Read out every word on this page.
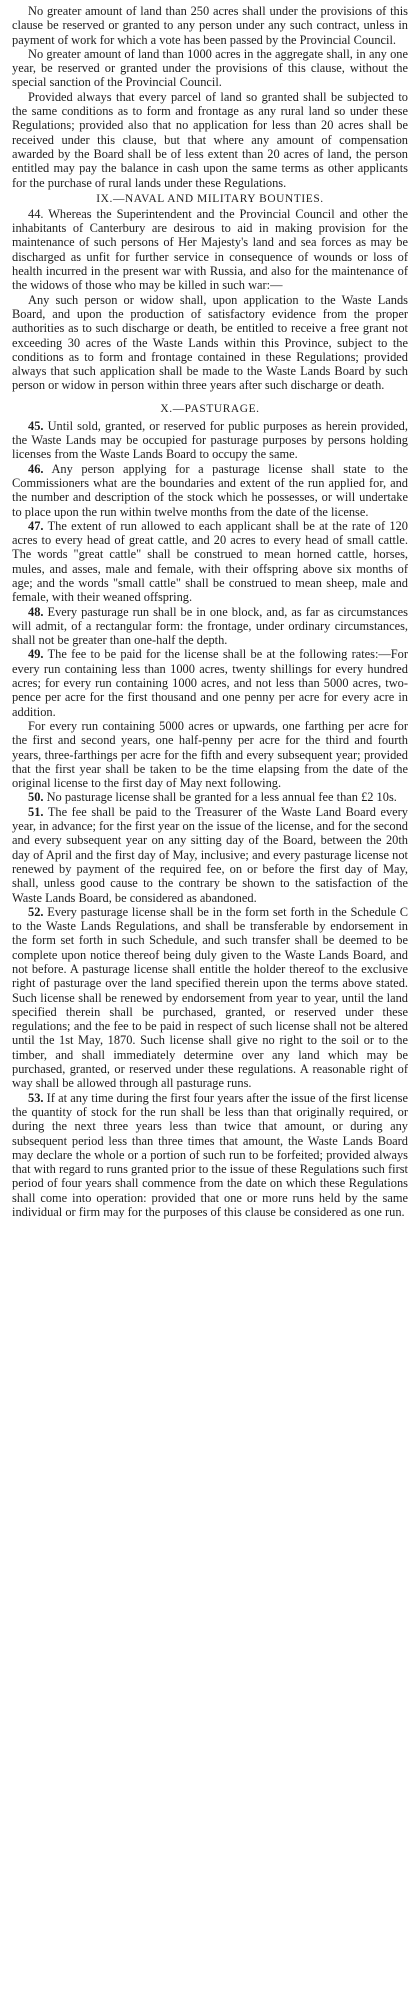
No greater amount of land than 250 acres shall under the provisions of this clause be reserved or granted to any person under any such contract, unless in payment of work for which a vote has been passed by the Provincial Council.

No greater amount of land than 1000 acres in the aggregate shall, in any one year, be reserved or granted under the provisions of this clause, without the special sanction of the Provincial Council.

Provided always that every parcel of land so granted shall be subjected to the same conditions as to form and frontage as any rural land so under these Regulations; provided also that no application for less than 20 acres shall be received under this clause, but that where any amount of compensation awarded by the Board shall be of less extent than 20 acres of land, the person entitled may pay the balance in cash upon the same terms as other applicants for the purchase of rural lands under these Regulations.

IX.—NAVAL AND MILITARY BOUNTIES.

44. Whereas the Superintendent and the Provincial Council and other the inhabitants of Canterbury are desirous to aid in making provision for the maintenance of such persons of Her Majesty's land and sea forces as may be discharged as unfit for further service in consequence of wounds or loss of health incurred in the present war with Russia, and also for the maintenance of the widows of those who may be killed in such war:—

Any such person or widow shall, upon application to the Waste Lands Board, and upon the production of satisfactory evidence from the proper authorities as to such discharge or death, be entitled to receive a free grant not exceeding 30 acres of the Waste Lands within this Province, subject to the conditions as to form and frontage contained in these Regulations; provided always that such application shall be made to the Waste Lands Board by such person or widow in person within three years after such discharge or death.

X.—PASTURAGE.

45. Until sold, granted, or reserved for public purposes as herein provided, the Waste Lands may be occupied for pasturage purposes by persons holding licenses from the Waste Lands Board to occupy the same.

46. Any person applying for a pasturage license shall state to the Commissioners what are the boundaries and extent of the run applied for, and the number and description of the stock which he possesses, or will undertake to place upon the run within twelve months from the date of the license.

47. The extent of run allowed to each applicant shall be at the rate of 120 acres to every head of great cattle, and 20 acres to every head of small cattle. The words "great cattle" shall be construed to mean horned cattle, horses, mules, and asses, male and female, with their offspring above six months of age; and the words "small cattle" shall be construed to mean sheep, male and female, with their weaned offspring.

48. Every pasturage run shall be in one block, and, as far as circumstances will admit, of a rectangular form: the frontage, under ordinary circumstances, shall not be greater than one-half the depth.

49. The fee to be paid for the license shall be at the following rates:—For every run containing less than 1000 acres, twenty shillings for every hundred acres; for every run containing 1000 acres, and not less than 5000 acres, two-pence per acre for the first thousand and one penny per acre for every acre in addition.

For every run containing 5000 acres or upwards, one farthing per acre for the first and second years, one half-penny per acre for the third and fourth years, three-farthings per acre for the fifth and every subsequent year; provided that the first year shall be taken to be the time elapsing from the date of the original license to the first day of May next following.

50. No pasturage license shall be granted for a less annual fee than £2 10s.

51. The fee shall be paid to the Treasurer of the Waste Land Board every year, in advance; for the first year on the issue of the license, and for the second and every subsequent year on any sitting day of the Board, between the 20th day of April and the first day of May, inclusive; and every pasturage license not renewed by payment of the required fee, on or before the first day of May, shall, unless good cause to the contrary be shown to the satisfaction of the Waste Lands Board, be considered as abandoned.

52. Every pasturage license shall be in the form set forth in the Schedule C to the Waste Lands Regulations, and shall be transferable by endorsement in the form set forth in such Schedule, and such transfer shall be deemed to be complete upon notice thereof being duly given to the Waste Lands Board, and not before. A pasturage license shall entitle the holder thereof to the exclusive right of pasturage over the land specified therein upon the terms above stated. Such license shall be renewed by endorsement from year to year, until the land specified therein shall be purchased, granted, or reserved under these regulations; and the fee to be paid in respect of such license shall not be altered until the 1st May, 1870. Such license shall give no right to the soil or to the timber, and shall immediately determine over any land which may be purchased, granted, or reserved under these regulations. A reasonable right of way shall be allowed through all pasturage runs.

53. If at any time during the first four years after the issue of the first license the quantity of stock for the run shall be less than that originally required, or during the next three years less than twice that amount, or during any subsequent period less than three times that amount, the Waste Lands Board may declare the whole or a portion of such run to be forfeited; provided always that with regard to runs granted prior to the issue of these Regulations such first period of four years shall commence from the date on which these Regulations shall come into operation: provided that one or more runs held by the same individual or firm may for the purposes of this clause be considered as one run.
